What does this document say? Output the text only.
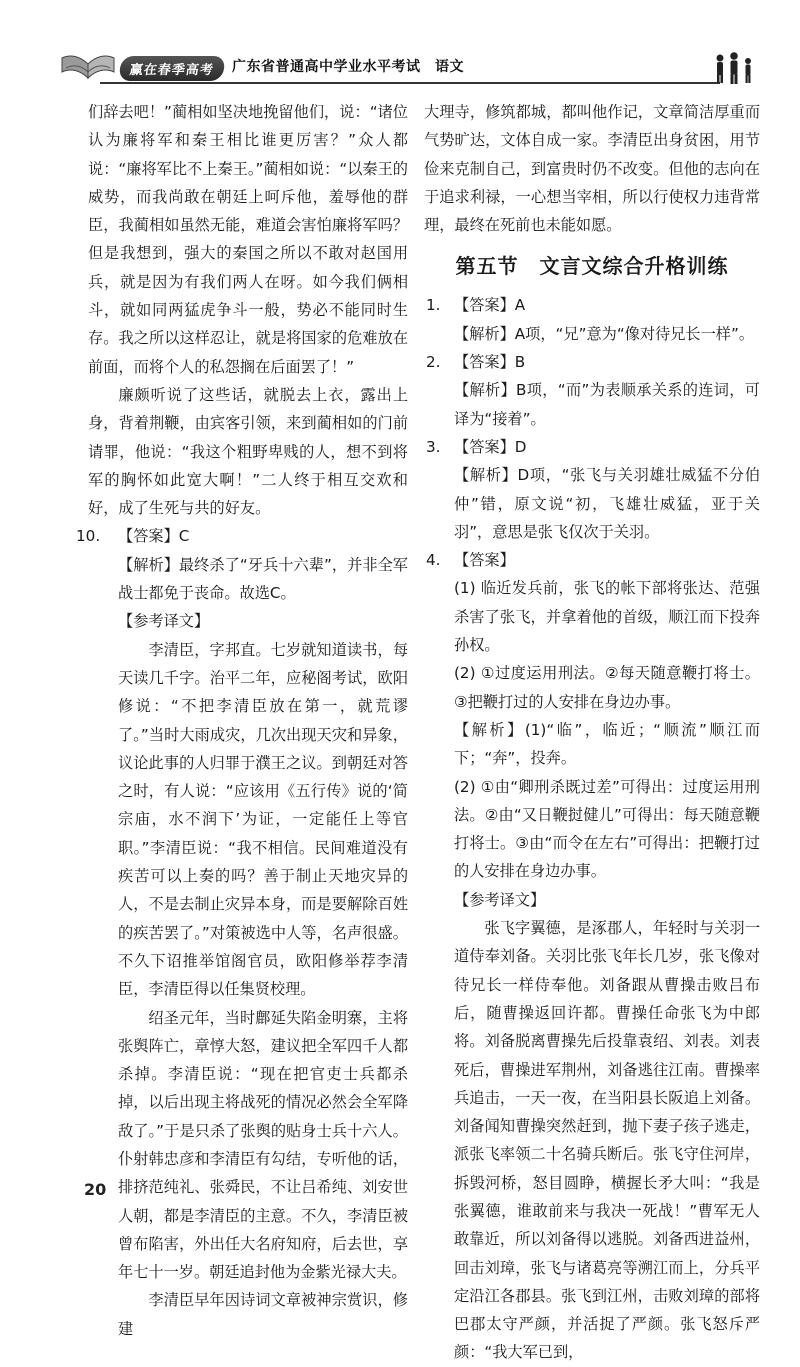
赢在春季高考	广东省普通高中学业水平考试　语文

们辞去吧！”蔺相如坚决地挽留他们，说：“诸位认为廉将军和秦王相比谁更厉害？”众人都说：“廉将军比不上秦王。”蔺相如说：“以秦王的威势，而我尚敢在朝廷上呵斥他，羞辱他的群臣，我蔺相如虽然无能，难道会害怕廉将军吗？但是我想到，强大的秦国之所以不敢对赵国用兵，就是因为有我们两人在呀。如今我们俩相斗，就如同两猛虎争斗一般，势必不能同时生存。我之所以这样忍让，就是将国家的危难放在前面，而将个人的私怨搁在后面罢了！”

廉颇听说了这些话，就脱去上衣，露出上身，背着荆鞭，由宾客引领，来到蔺相如的门前请罪，他说：“我这个粗野卑贱的人，想不到将军的胸怀如此宽大啊！”二人终于相互交欢和好，成了生死与共的好友。

10. 【答案】C

【解析】最终杀了“牙兵十六辈”，并非全军战士都免于丧命。故选C。

【参考译文】

李清臣，字邦直。七岁就知道读书，每天读几千字。治平二年，应秘阁考试，欧阳修说：“不把李清臣放在第一，就荒谬了。”当时大雨成灾，几次出现天灾和异象，议论此事的人归罪于濮王之议。到朝廷对答之时，有人说：“应该用《五行传》说的‘简宗庙，水不润下’为证，一定能任上等官职。”李清臣说：“我不相信。民间难道没有疾苦可以上奏的吗？善于制止天地灾异的人，不是去制止灾异本身，而是要解除百姓的疾苦罢了。”对策被选中人等，名声很盛。不久下诏推举馆阁官员，欧阳修举荐李清臣，李清臣得以任集贤校理。

绍圣元年，当时鄜延失陷金明寨，主将张舆阵亡，章惇大怒，建议把全军四千人都杀掉。李清臣说：“现在把官吏士兵都杀掉，以后出现主将战死的情况必然会全军降敌了。”于是只杀了张舆的贴身士兵十六人。仆射韩忠彦和李清臣有勾结，专听他的话，排挤范纯礼、张舜民，不让吕希纯、刘安世人朝，都是李清臣的主意。不久，李清臣被曾布陷害，外出任大名府知府，后去世，享年七十一岁。朝廷追封他为金紫光禄大夫。

李清臣早年因诗词文章被神宗赏识，修建

大理寺，修筑都城，都叫他作记，文章简洁厚重而气势旷达，文体自成一家。李清臣出身贫困，用节俭来克制自己，到富贵时仍不改变。但他的志向在于追求利禄，一心想当宰相，所以行使权力违背常理，最终在死前也未能如愿。

第五节　文言文综合升格训练
1. 【答案】A

【解析】A项，“兄”意为“像对待兄长一样”。

2. 【答案】B

【解析】B项，“而”为表顺承关系的连词，可译为“接着”。

3. 【答案】D

【解析】D项，“张飞与关羽雄壮威猛不分伯仲”错，原文说“初，飞雄壮威猛，亚于关羽”，意思是张飞仅次于关羽。

4. 【答案】

(1) 临近发兵前，张飞的帐下部将张达、范强杀害了张飞，并拿着他的首级，顺江而下投奔孙权。

(2) ①过度运用刑法。②每天随意鞭打将士。③把鞭打过的人安排在身边办事。

【解析】(1)“临”，临近；“顺流”顺江而下；“奔”，投奔。

(2) ①由“卿刑杀既过差”可得出：过度运用刑法。②由“又日鞭挝健儿”可得出：每天随意鞭打将士。③由“而令在左右”可得出：把鞭打过的人安排在身边办事。

【参考译文】

张飞字翼德，是涿郡人，年轻时与关羽一道侍奉刘备。关羽比张飞年长几岁，张飞像对待兄长一样侍奉他。刘备跟从曹操击败吕布后，随曹操返回许都。曹操任命张飞为中郎将。刘备脱离曹操先后投靠袁绍、刘表。刘表死后，曹操进军荆州，刘备逃往江南。曹操率兵追击，一天一夜，在当阳县长阪追上刘备。刘备闻知曹操突然赶到，抛下妻子孩子逃走，派张飞率领二十名骑兵断后。张飞守住河岸，拆毁河桥，怒目圆睁，横握长矛大叫：“我是张翼德，谁敢前来与我决一死战！”曹军无人敢靠近，所以刘备得以逃脱。刘备西进益州，回击刘璋，张飞与诸葛亮等溯江而上，分兵平定沿江各郡县。张飞到江州，击败刘璋的部将巴郡太守严颜，并活捉了严颜。张飞怒斥严颜：“我大军已到，

20
